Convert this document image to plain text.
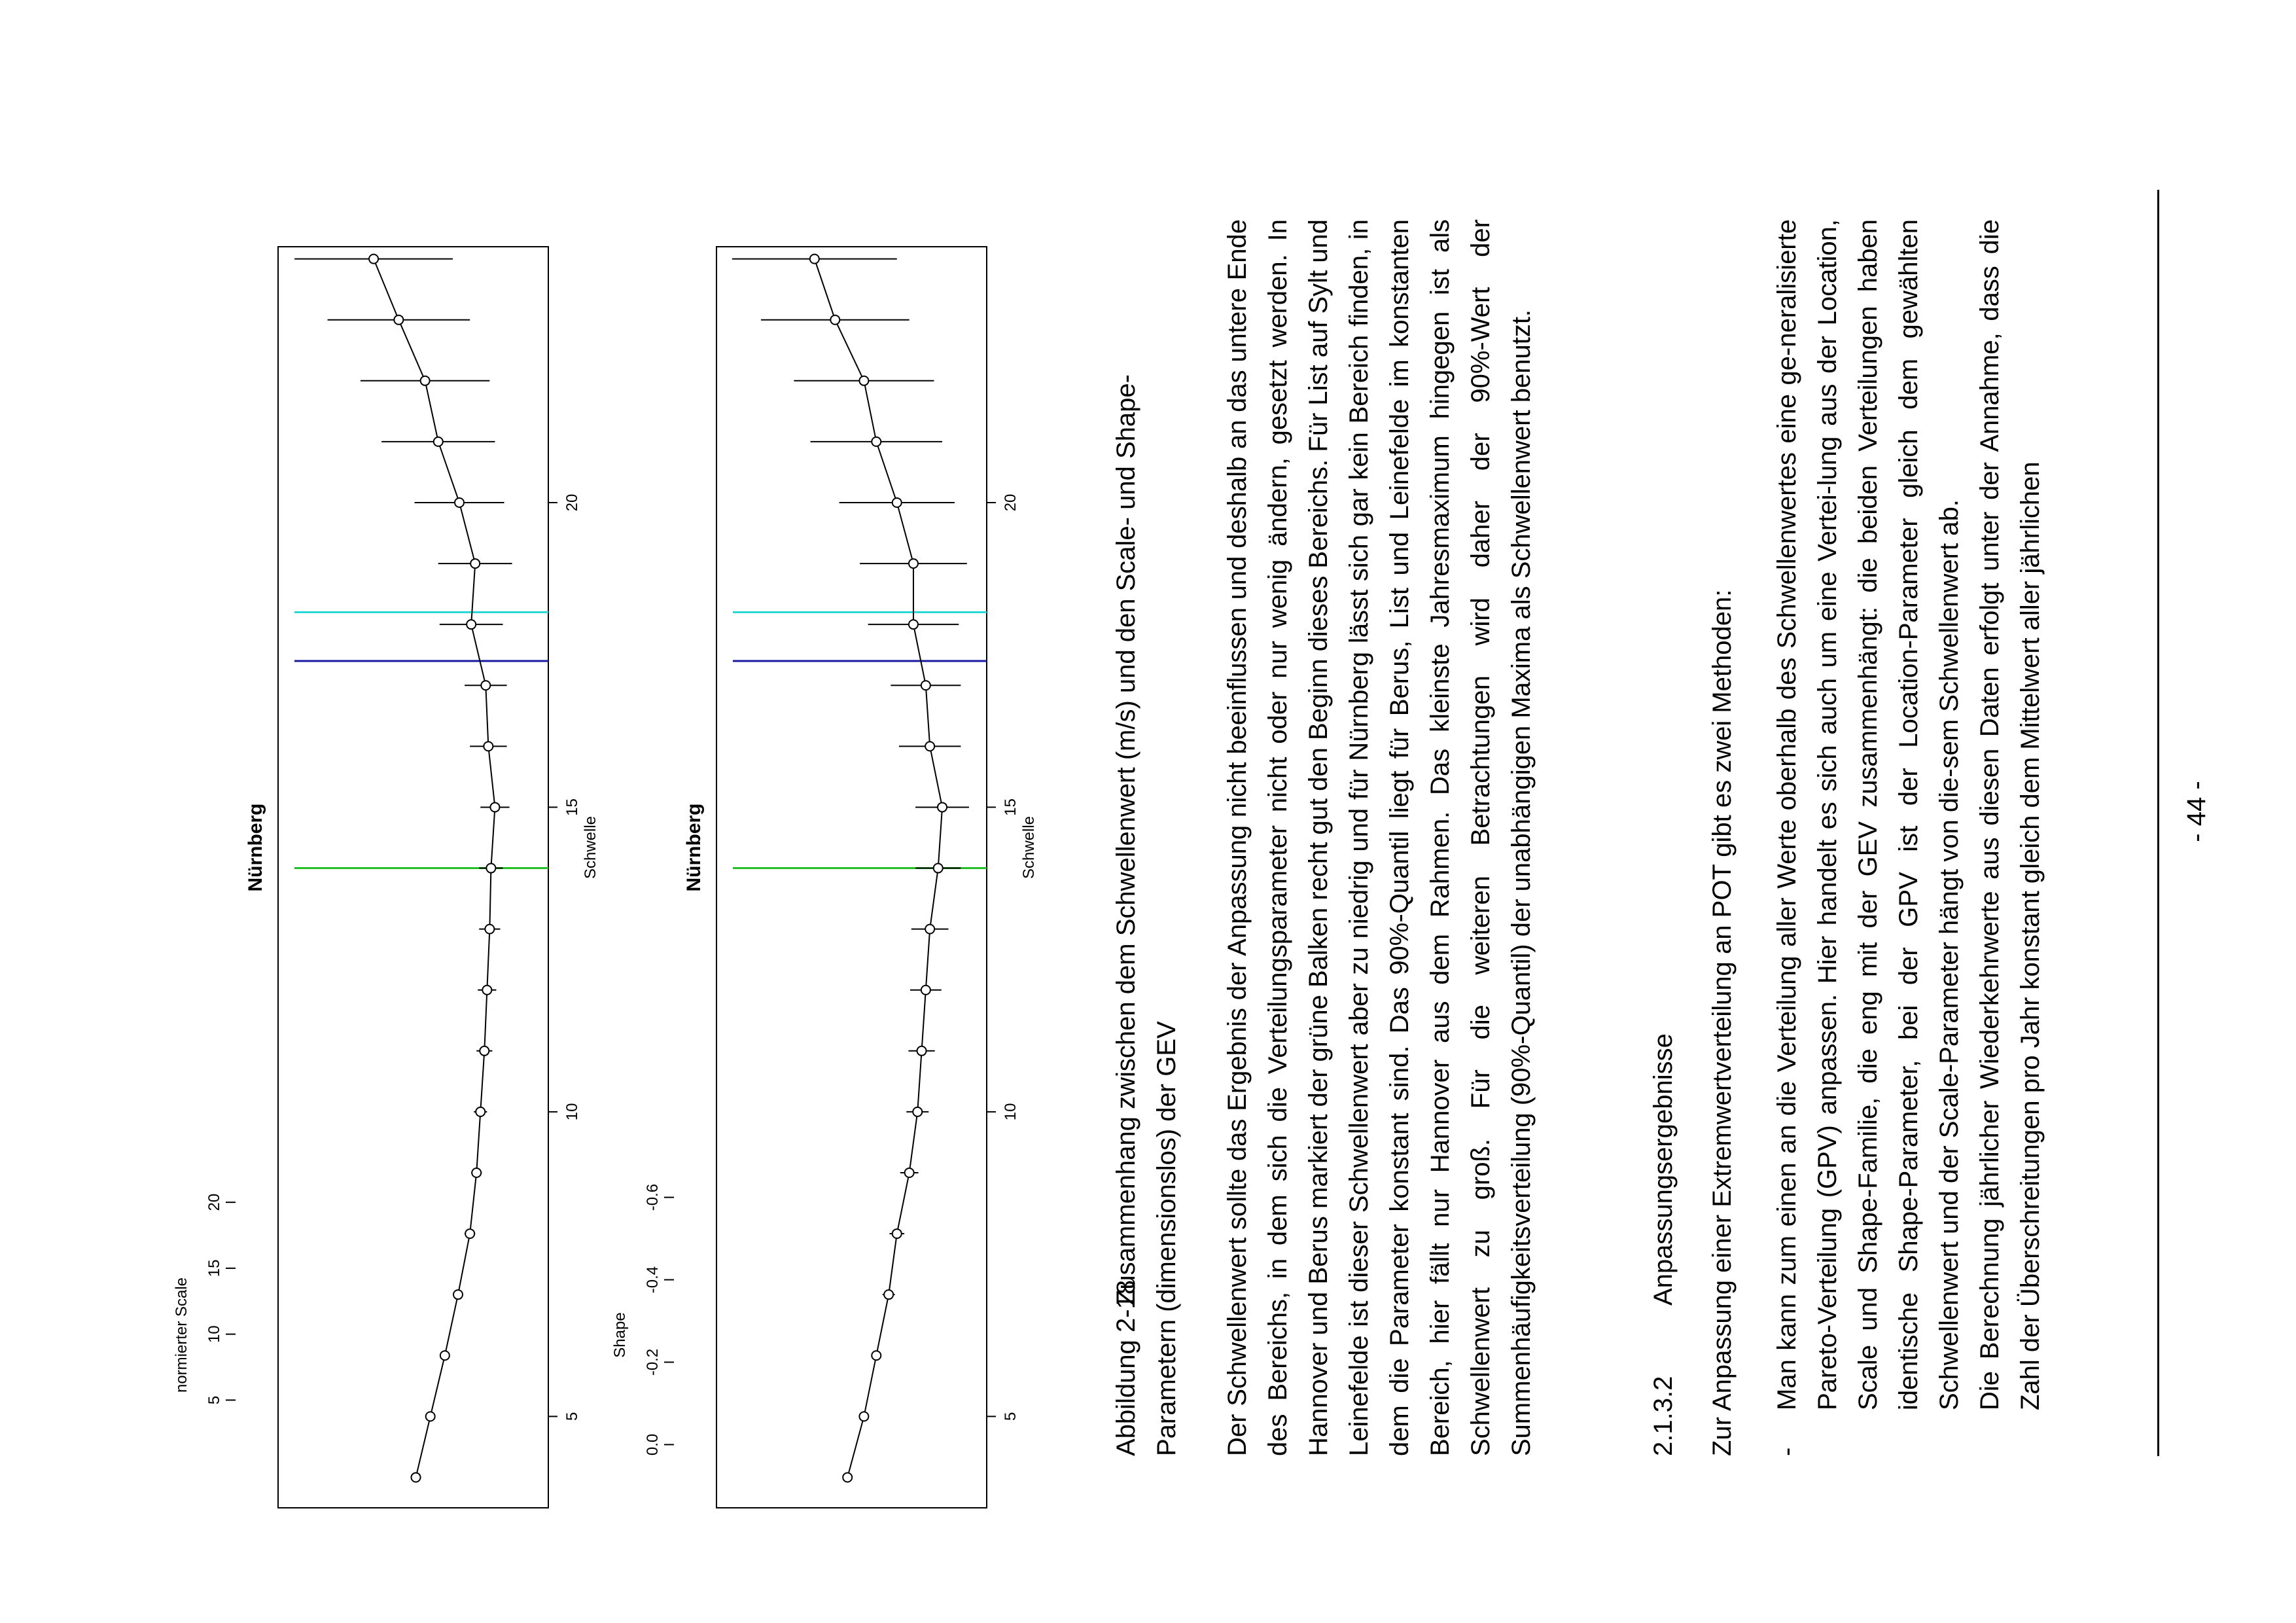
Nürnberg
5
10
15
20
Schwelle
normierter Scale
5
10
15
20
Nürnberg
5
10
15
20
Schwelle
Shape
0.0
-0.2
-0.4
-0.6
Abbildung 2-18
Zusammenhang zwischen dem Schwellenwert (m/s) und den Scale- und Shape- Parametern (dimensionslos) der GEV Der Schwellenwert sollte das Ergebnis der Anpassung nicht beeinflussen und deshalb an das untere Ende des Bereichs, in dem sich die Verteilungsparameter nicht oder nur wenig ändern, gesetzt werden. In Hannover und Berus markiert der grüne Balken recht gut den Beginn dieses Bereichs. Für List auf Sylt und Leinefelde ist dieser Schwellenwert aber zu niedrig und für Nürnberg lässt sich gar kein Bereich finden, in dem die Parameter konstant sind. Das 90%-Quantil liegt für Berus, List und Leinefelde im konstanten Bereich, hier fällt nur Hannover aus dem Rahmen. Das kleinste Jahresmaximum hingegen ist als Schwellenwert zu groß. Für die weiteren Betrachtungen wird daher der 90%-Wert der Summenhäufigkeitsverteilung (90%-Quantil) der unabhängigen Maxima als Schwellenwert benutzt.	2.1.3.2
Anpassungsergebnisse Zur Anpassung einer Extremwertverteilung an POT gibt es zwei Methoden: -

Man kann zum einen an die Verteilung aller Werte oberhalb des Schwellenwertes eine ge-neralisierte Pareto-Verteilung (GPV) anpassen. Hier handelt es sich auch um eine Vertei-lung aus der Location, Scale und Shape-Familie, die eng mit der GEV zusammenhängt: die beiden Verteilungen haben identische Shape-Parameter, bei der GPV ist der Location-Parameter gleich dem gewählten Schwellenwert und der Scale-Parameter hängt von die-sem Schwellenwert ab. Die Berechnung jährlicher Wiederkehrwerte aus diesen Daten erfolgt unter der Annahme, dass die Zahl der Überschreitungen pro Jahr konstant gleich dem Mittelwert aller jährlichen	- 44 -
